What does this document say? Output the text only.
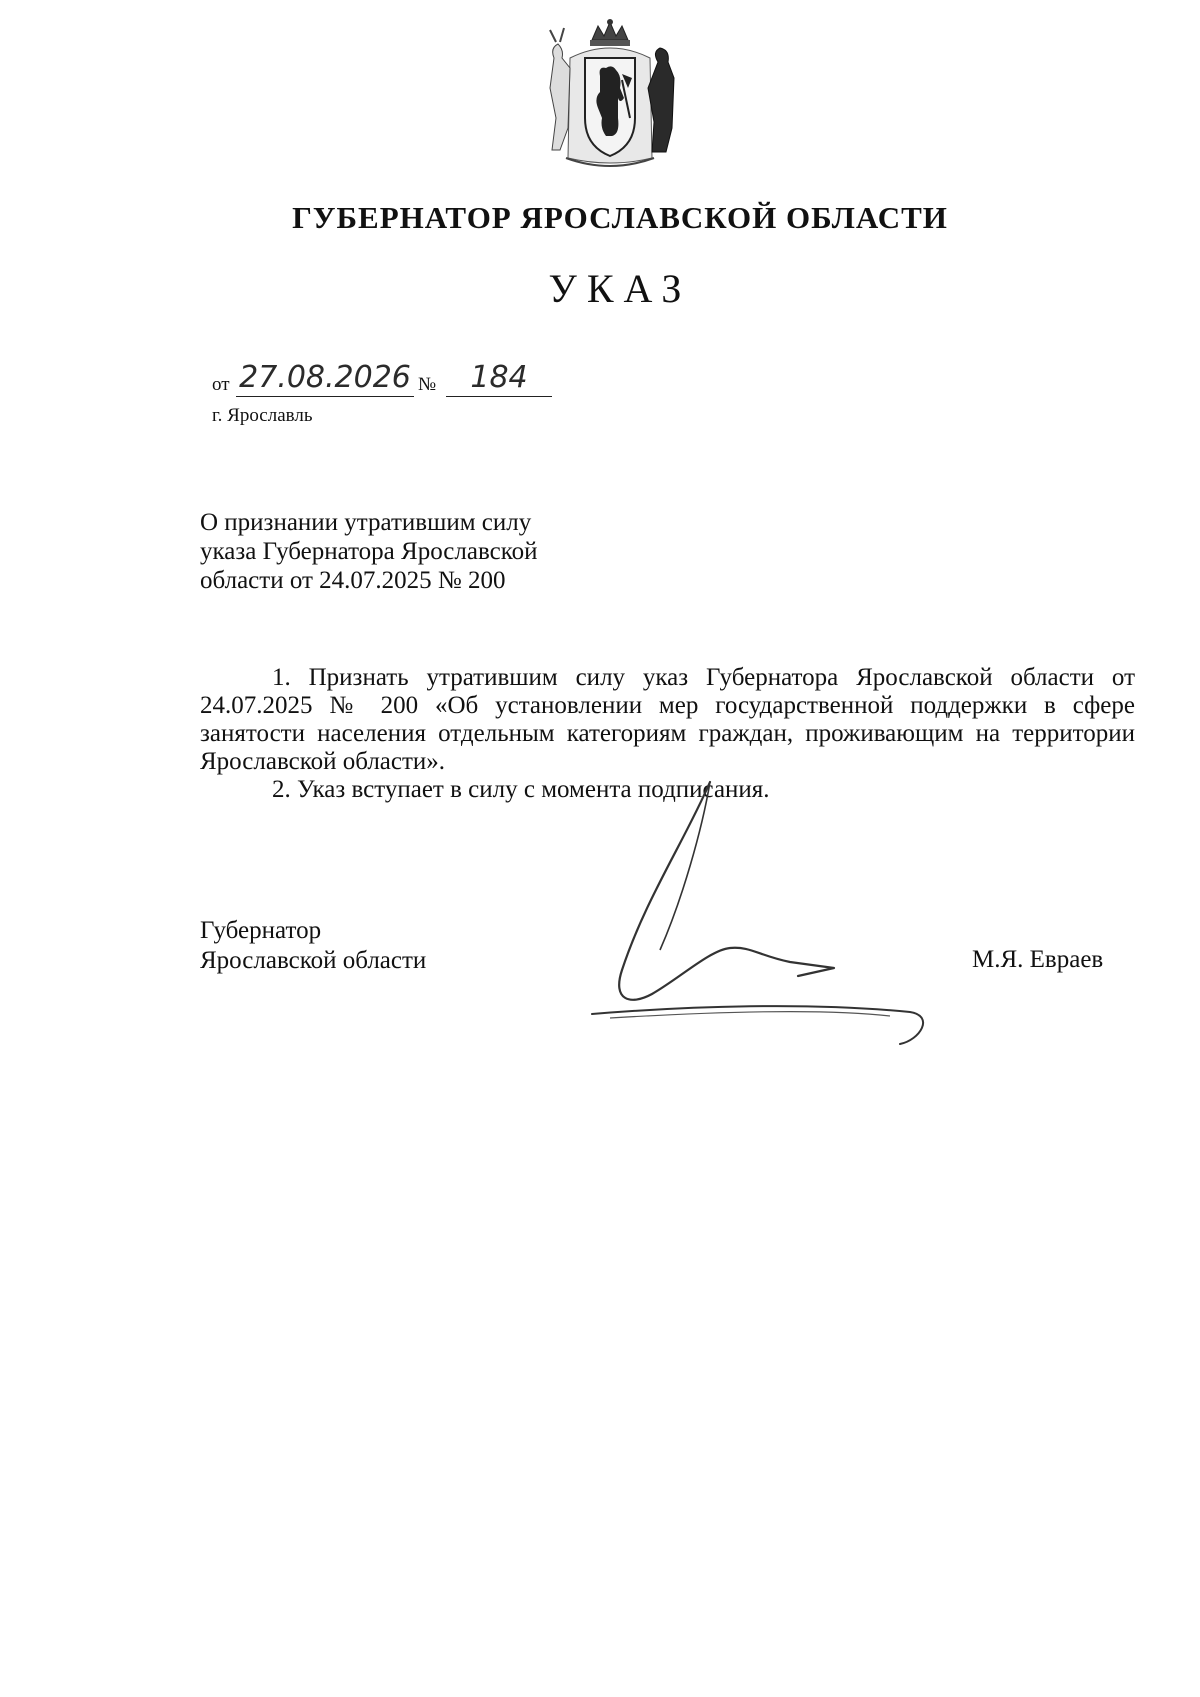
ГУБЕРНАТОР ЯРОСЛАВСКОЙ ОБЛАСТИ
УКАЗ
от 27.08.2026 №	184
г. Ярославль
О признании утратившим силу
указа Губернатора Ярославской
области от 24.07.2025 № 200

1. Признать утратившим силу указ Губернатора Ярославской области от 24.07.2025 № 200 «Об установлении мер государственной поддержки в сфере занятости населения отдельным категориям граждан, проживающим на территории Ярославской области».

2. Указ вступает в силу с момента подписания.

Губернатор
Ярославской области	М.Я. Евраев
